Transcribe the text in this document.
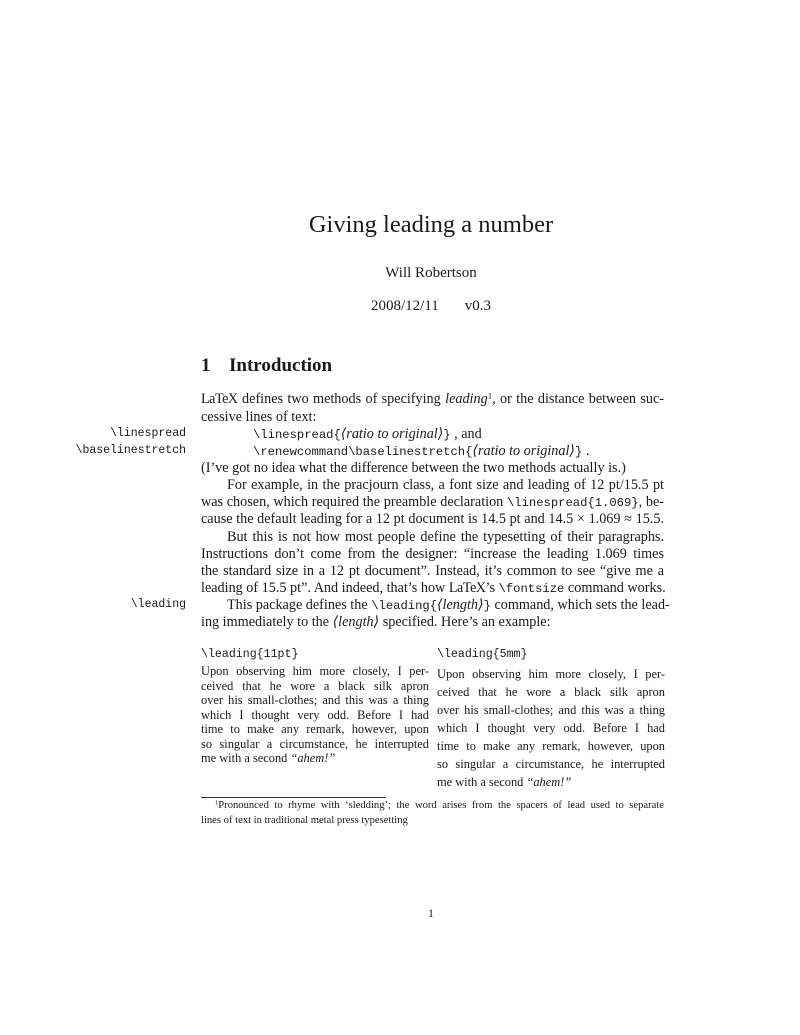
Giving leading a number
Will Robertson
2008/12/11 v0.3
1 Introduction
LaTeX defines two methods of specifying leading$^1$, or the distance between suc-
cessive lines of text:
\linespread	\linespread{⟨ratio to original⟩} , and
\baselinestretch	\renewcommand\baselinestretch{⟨ratio to original⟩} .
(I’ve got no idea what the difference between the two methods actually is.)
For example, in the pracjourn class, a font size and leading of 12 pt/15.5 pt
was chosen, which required the preamble declaration \linespread{1.069}, be-
cause the default leading for a 12 pt document is 14.5 pt and 14.5 × 1.069 ≈ 15.5.
But this is not how most people define the typesetting of their paragraphs.
Instructions don’t come from the designer: “increase the leading 1.069 times
the standard size in a 12 pt document”. Instead, it’s common to see “give me a
leading of 15.5 pt”. And indeed, that’s how LaTeX’s \fontsize command works.
\leading	This package defines the \leading{⟨length⟩} command, which sets the lead-
ing immediately to the ⟨length⟩ specified. Here’s an example:
\leading{11pt}
Upon observing him more closely, I per-
ceived that he wore a black silk apron
over his small-clothes; and this was a thing
which I thought very odd. Before I had
time to make any remark, however, upon
so singular a circumstance, he interrupted
me with a second “ahem!”
\leading{5mm}
Upon observing him more closely, I per-
ceived that he wore a black silk apron
over his small-clothes; and this was a thing
which I thought very odd. Before I had
time to make any remark, however, upon
so singular a circumstance, he interrupted
me with a second “ahem!”
$^1$Pronounced to rhyme with ‘sledding’; the word arises from the spacers of lead used to separate
lines of text in traditional metal press typesetting
1
